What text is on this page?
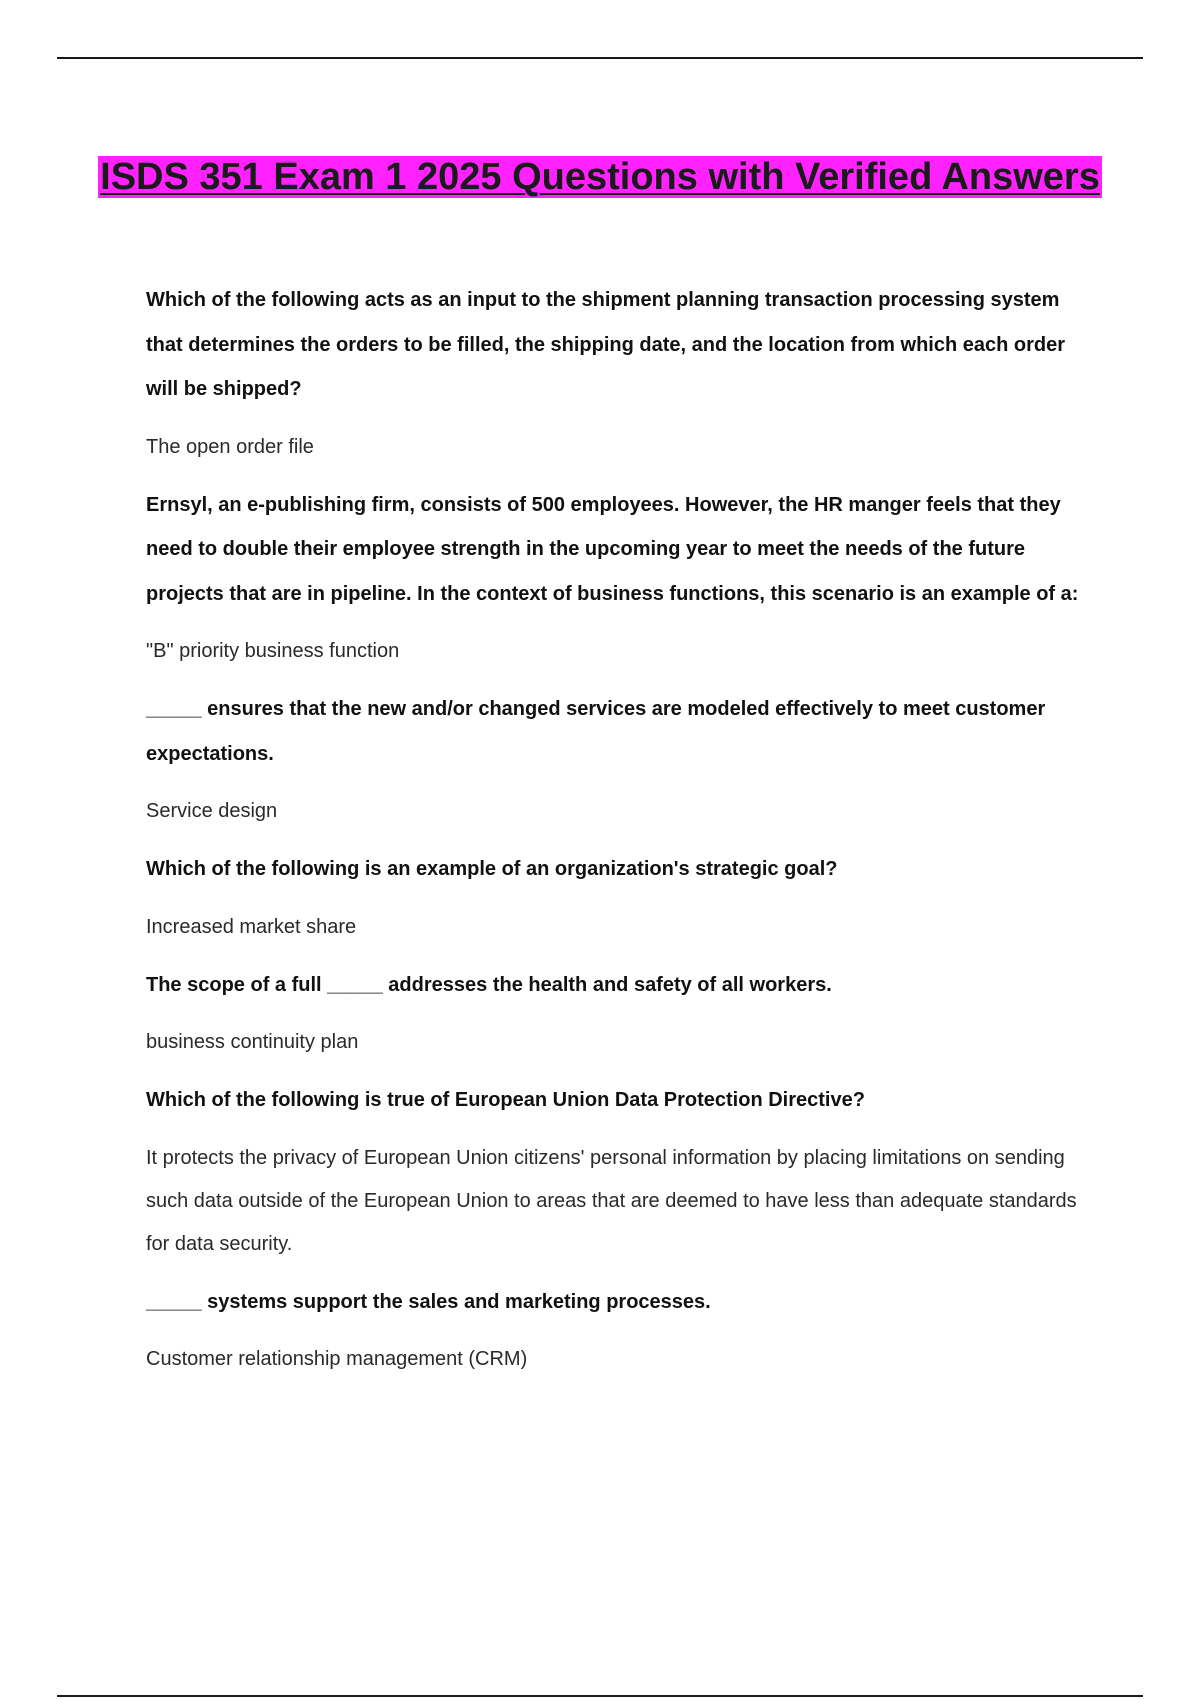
ISDS 351 Exam 1 2025 Questions with Verified Answers

Which of the following acts as an input to the shipment planning transaction processing system that determines the orders to be filled, the shipping date, and the location from which each order will be shipped?

The open order file

Ernsyl, an e-publishing firm, consists of 500 employees. However, the HR manger feels that they need to double their employee strength in the upcoming year to meet the needs of the future projects that are in pipeline. In the context of business functions, this scenario is an example of a:

"B" priority business function

_____ ensures that the new and/or changed services are modeled effectively to meet customer expectations.

Service design

Which of the following is an example of an organization's strategic goal?

Increased market share

The scope of a full _____ addresses the health and safety of all workers.

business continuity plan

Which of the following is true of European Union Data Protection Directive?

It protects the privacy of European Union citizens' personal information by placing limitations on sending such data outside of the European Union to areas that are deemed to have less than adequate standards for data security.

_____ systems support the sales and marketing processes.

Customer relationship management (CRM)
